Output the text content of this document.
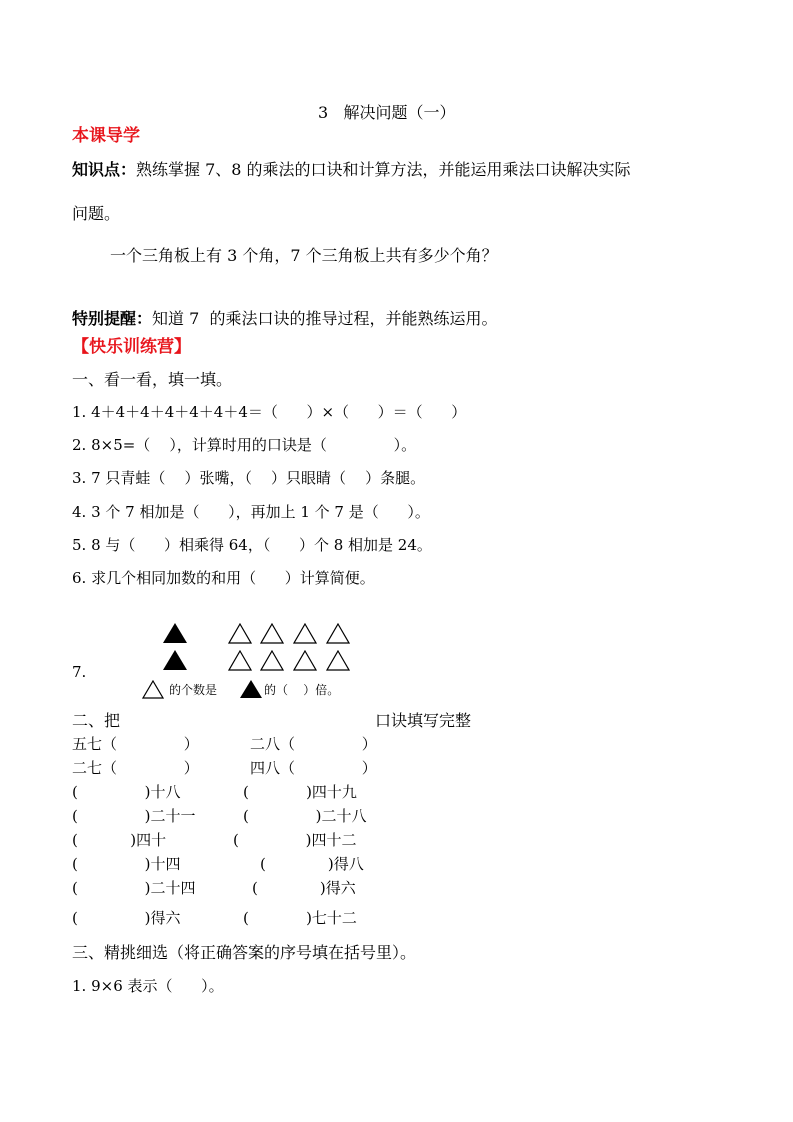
3   解决问题（一）
本课导学
知识点：熟练掌握 7、8 的乘法的口诀和计算方法，并能运用乘法口诀解决实际
问题。
一个三角板上有 3 个角，7 个三角板上共有多少个角？
特别提醒：知道 7  的乘法口诀的推导过程，并能熟练运用。
【快乐训练营】
一、看一看，填一填。
1. 4＋4＋4＋4＋4＋4＋4＝（      ）×（      ）＝（      ）
2. 8×5=（    ），计算时用的口诀是（              ）。
3. 7 只青蛙（    ）张嘴，（    ）只眼睛（    ）条腿。
4. 3 个 7 相加是（      ），再加上 1 个 7 是（      ）。
5. 8 与（      ）相乘得 64，（      ）个 8 相加是 24。
6. 求几个相同加数的和用（      ）计算简便。
7.
的个数是	的（    ）倍。
二、把	口诀填写完整
五七（              ）	二八（              ）
二七（              ）	四八（              ）
(              )十八	(            )四十九
(              )二十一	(              )二十八
(           )四十	(              )四十二
(              )十四	(             )得八
(              )二十四	(             )得六
(              )得六	(            )七十二
三、精挑细选（将正确答案的序号填在括号里）。
1. 9×6 表示（      ）。
